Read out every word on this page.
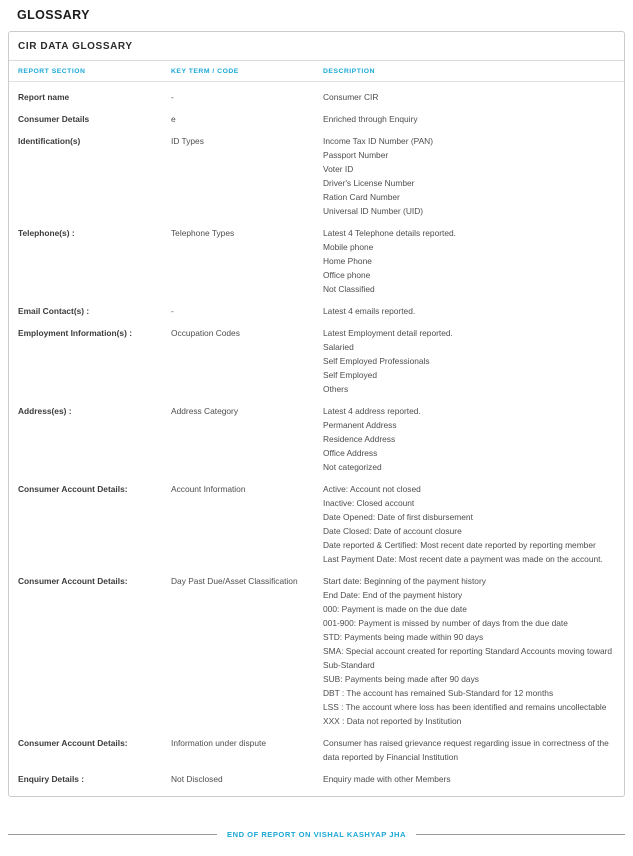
GLOSSARY
CIR DATA GLOSSARY
REPORT SECTION	KEY TERM / CODE	DESCRIPTION
Report name	-	Consumer CIR
Consumer Details	e	Enriched through Enquiry
Identification(s)	ID Types	Income Tax ID Number (PAN)
Passport Number
Voter ID
Driver's License Number
Ration Card Number
Universal ID Number (UID)
Telephone(s) :	Telephone Types	Latest 4 Telephone details reported.
Mobile phone
Home Phone
Office phone
Not Classified
Email Contact(s) :	-	Latest 4 emails reported.
Employment Information(s) :	Occupation Codes	Latest Employment detail reported.
Salaried
Self Employed Professionals
Self Employed
Others
Address(es) :	Address Category	Latest 4 address reported.
Permanent Address
Residence Address
Office Address
Not categorized
Consumer Account Details:	Account Information	Active: Account not closed
Inactive: Closed account
Date Opened: Date of first disbursement
Date Closed: Date of account closure
Date reported & Certified: Most recent date reported by reporting member
Last Payment Date: Most recent date a payment was made on the account.
Consumer Account Details:	Day Past Due/Asset Classification	Start date: Beginning of the payment history
End Date: End of the payment history
000: Payment is made on the due date
001-900: Payment is missed by number of days from the due date
STD: Payments being made within 90 days
SMA: Special account created for reporting Standard Accounts moving toward Sub-Standard
SUB: Payments being made after 90 days
DBT : The account has remained Sub-Standard for 12 months
LSS : The account where loss has been identified and remains uncollectable
XXX : Data not reported by Institution
Consumer Account Details:	Information under dispute	Consumer has raised grievance request regarding issue in correctness of the data reported by Financial Institution
Enquiry Details :	Not Disclosed	Enquiry made with other Members
END OF REPORT ON VISHAL KASHYAP JHA
